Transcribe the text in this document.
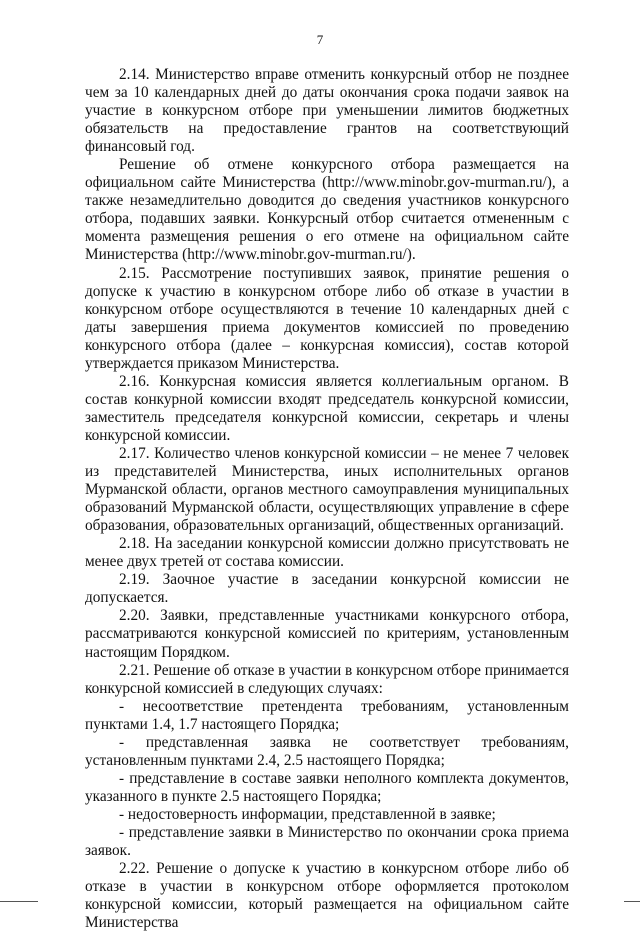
7

2.14. Министерство вправе отменить конкурсный отбор не позднее чем за 10 календарных дней до даты окончания срока подачи заявок на участие в конкурсном отборе при уменьшении лимитов бюджетных обязательств на предоставление грантов на соответствующий финансовый год.

Решение об отмене конкурсного отбора размещается на официальном сайте Министерства (http://www.minobr.gov-murman.ru/), а также незамедлительно доводится до сведения участников конкурсного отбора, подавших заявки. Конкурсный отбор считается отмененным с момента размещения решения о его отмене на официальном сайте Министерства (http://www.minobr.gov-murman.ru/).

2.15. Рассмотрение поступивших заявок, принятие решения о допуске к участию в конкурсном отборе либо об отказе в участии в конкурсном отборе осуществляются в течение 10 календарных дней с даты завершения приема документов комиссией по проведению конкурсного отбора (далее – конкурсная комиссия), состав которой утверждается приказом Министерства.

2.16. Конкурсная комиссия является коллегиальным органом. В состав конкурной комиссии входят председатель конкурсной комиссии, заместитель председателя конкурсной комиссии, секретарь и члены конкурсной комиссии.

2.17. Количество членов конкурсной комиссии – не менее 7 человек из представителей Министерства, иных исполнительных органов Мурманской области, органов местного самоуправления муниципальных образований Мурманской области, осуществляющих управление в сфере образования, образовательных организаций, общественных организаций.

2.18. На заседании конкурсной комиссии должно присутствовать не менее двух третей от состава комиссии.

2.19. Заочное участие в заседании конкурсной комиссии не допускается.

2.20. Заявки, представленные участниками конкурсного отбора, рассматриваются конкурсной комиссией по критериям, установленным настоящим Порядком.

2.21. Решение об отказе в участии в конкурсном отборе принимается конкурсной комиссией в следующих случаях:

- несоответствие претендента требованиям, установленным пунктами 1.4, 1.7 настоящего Порядка;

- представленная заявка не соответствует требованиям, установленным пунктами 2.4, 2.5 настоящего Порядка;

- представление в составе заявки неполного комплекта документов, указанного в пункте 2.5 настоящего Порядка;

- недостоверность информации, представленной в заявке;

- представление заявки в Министерство по окончании срока приема заявок.

2.22. Решение о допуске к участию в конкурсном отборе либо об отказе в участии в конкурсном отборе оформляется протоколом конкурсной комиссии, который размещается на официальном сайте Министерства
